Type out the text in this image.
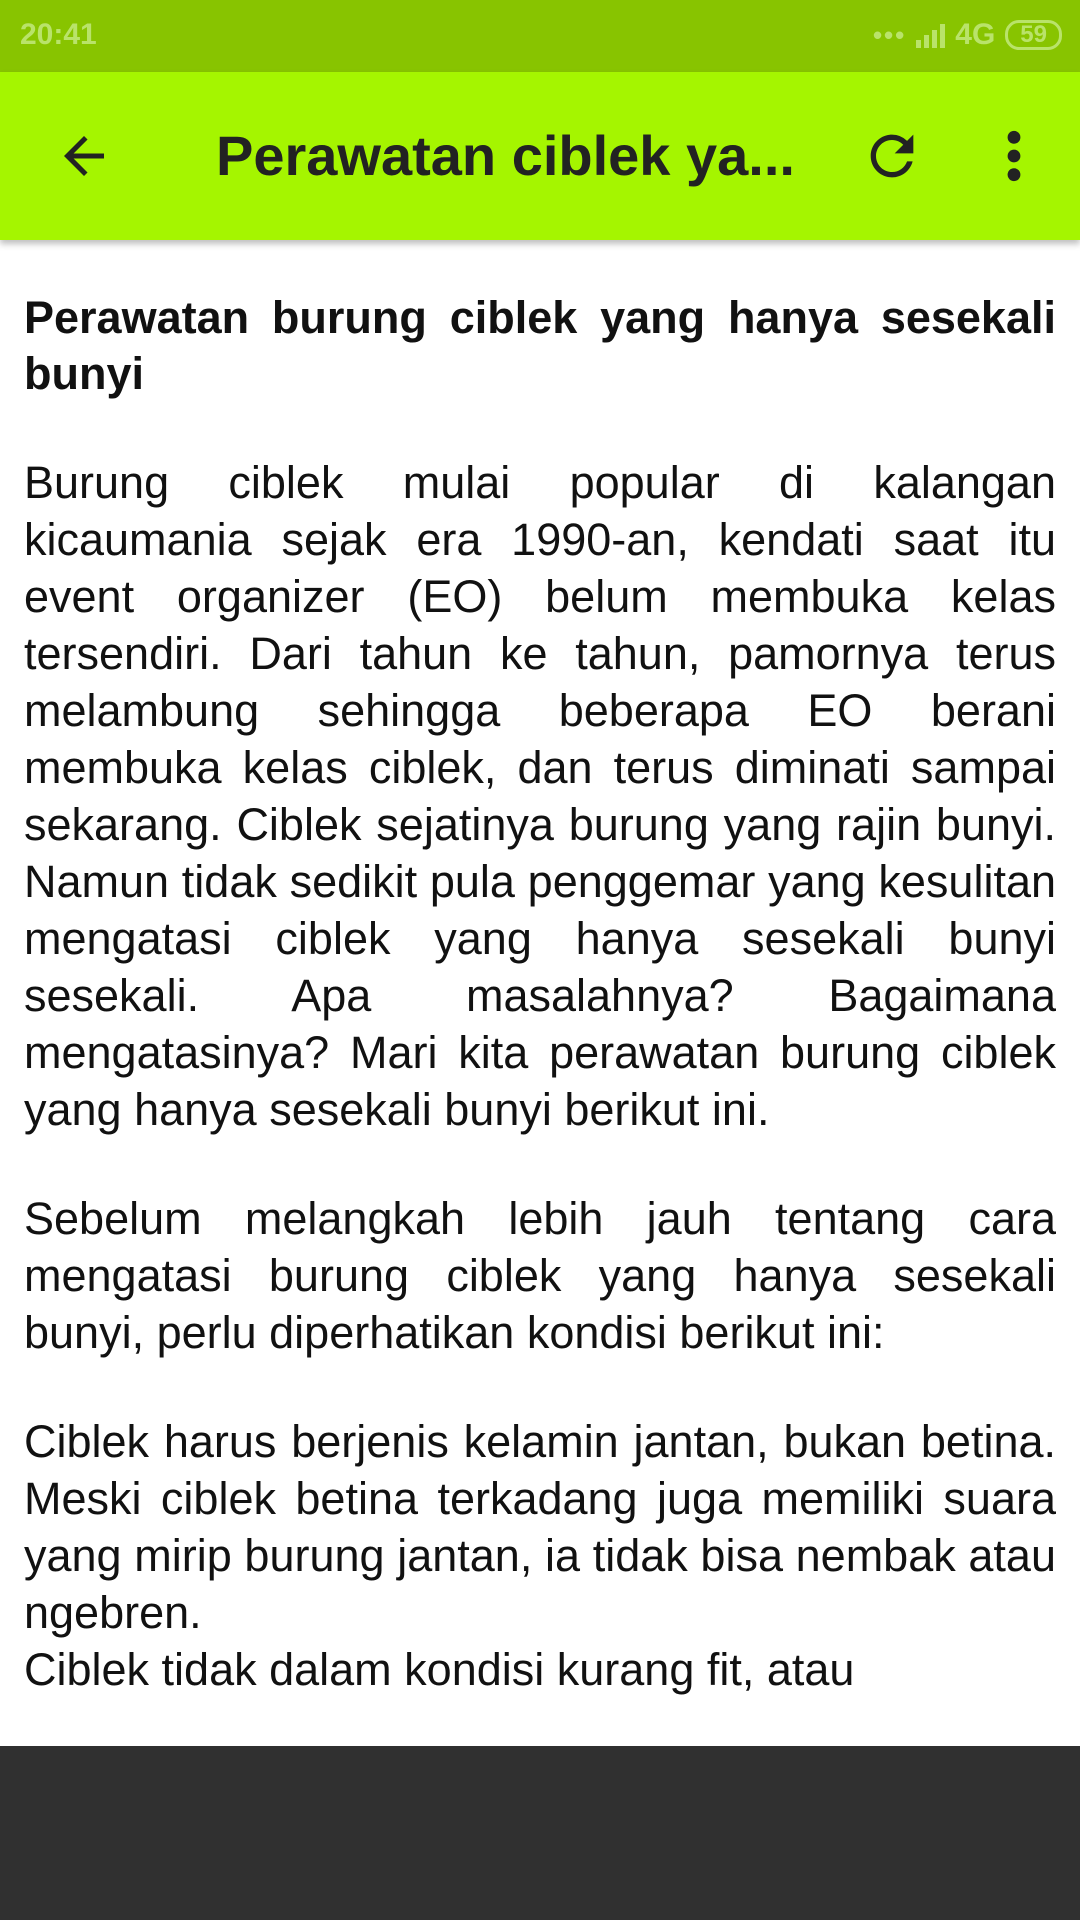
20:41	••• 4G	59
Perawatan ciblek ya...

Perawatan burung ciblek yang hanya sesekali bunyi

Burung ciblek mulai popular di kalangan kicaumania sejak era 1990-an, kendati saat itu event organizer (EO) belum membuka kelas tersendiri. Dari tahun ke tahun, pamornya terus melambung sehingga beberapa EO berani membuka kelas ciblek, dan terus diminati sampai sekarang. Ciblek sejatinya burung yang rajin bunyi. Namun tidak sedikit pula penggemar yang kesulitan mengatasi ciblek yang hanya sesekali bunyi sesekali. Apa masalahnya? Bagaimana mengatasinya? Mari kita perawatan burung ciblek yang hanya sesekali bunyi berikut ini.

Sebelum melangkah lebih jauh tentang cara mengatasi burung ciblek yang hanya sesekali bunyi, perlu diperhatikan kondisi berikut ini:

Ciblek harus berjenis kelamin jantan, bukan betina. Meski ciblek betina terkadang juga memiliki suara yang mirip burung jantan, ia tidak bisa nembak atau ngebren.

Ciblek tidak dalam kondisi kurang fit, atau
